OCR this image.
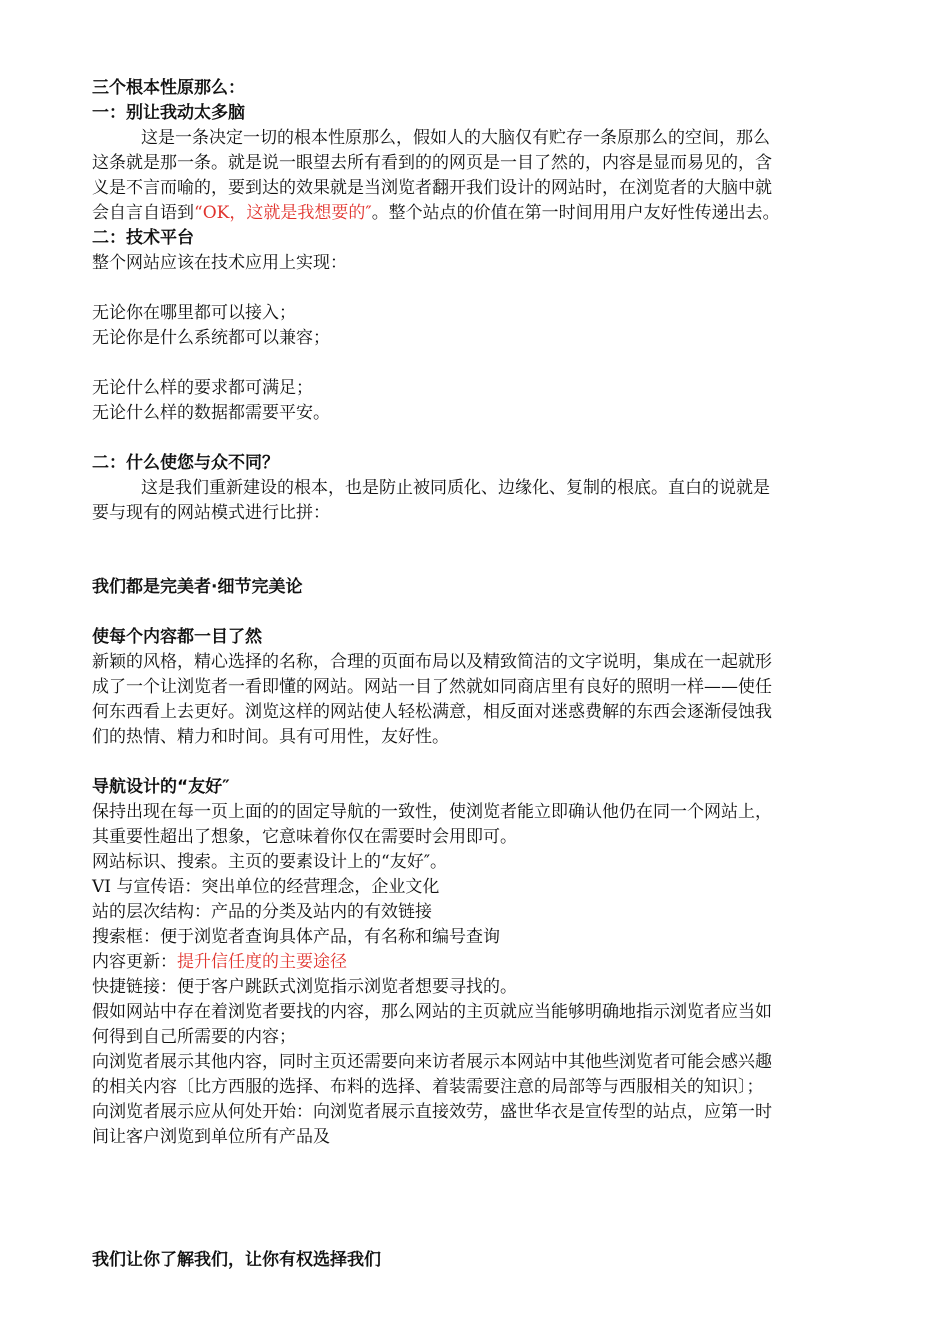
三个根本性原那么：
一：别让我动太多脑
这是一条决定一切的根本性原那么，假如人的大脑仅有贮存一条原那么的空间，那么
这条就是那一条。就是说一眼望去所有看到的的网页是一目了然的，内容是显而易见的，含
义是不言而喻的，要到达的效果就是当浏览者翻开我们设计的网站时，在浏览者的大脑中就
会自言自语到“OK，这就是我想要的″。整个站点的价值在第一时间用用户友好性传递出去。
二：技术平台
整个网站应该在技术应用上实现：
无论你在哪里都可以接入；
无论你是什么系统都可以兼容；
无论什么样的要求都可满足；
无论什么样的数据都需要平安。
二：什么使您与众不同？
这是我们重新建设的根本，也是防止被同质化、边缘化、复制的根底。直白的说就是
要与现有的网站模式进行比拼：
我们都是完美者·细节完美论
使每个内容都一目了然
新颖的风格，精心选择的名称，合理的页面布局以及精致简洁的文字说明，集成在一起就形
成了一个让浏览者一看即懂的网站。网站一目了然就如同商店里有良好的照明一样——使任
何东西看上去更好。浏览这样的网站使人轻松满意，相反面对迷惑费解的东西会逐渐侵蚀我
们的热情、精力和时间。具有可用性，友好性。
导航设计的“友好″
保持出现在每一页上面的的固定导航的一致性，使浏览者能立即确认他仍在同一个网站上，
其重要性超出了想象，它意味着你仅在需要时会用即可。
网站标识、搜索。主页的要素设计上的“友好″。
VI 与宣传语：突出单位的经营理念，企业文化
站的层次结构：产品的分类及站内的有效链接
搜索框：便于浏览者查询具体产品，有名称和编号查询
内容更新：提升信任度的主要途径
快捷链接：便于客户跳跃式浏览指示浏览者想要寻找的。
假如网站中存在着浏览者要找的内容，那么网站的主页就应当能够明确地指示浏览者应当如
何得到自己所需要的内容；
向浏览者展示其他内容，同时主页还需要向来访者展示本网站中其他些浏览者可能会感兴趣
的相关内容〔比方西服的选择、布料的选择、着装需要注意的局部等与西服相关的知识〕；
向浏览者展示应从何处开始：向浏览者展示直接效劳，盛世华衣是宣传型的站点，应第一时
间让客户浏览到单位所有产品及
我们让你了解我们，让你有权选择我们
